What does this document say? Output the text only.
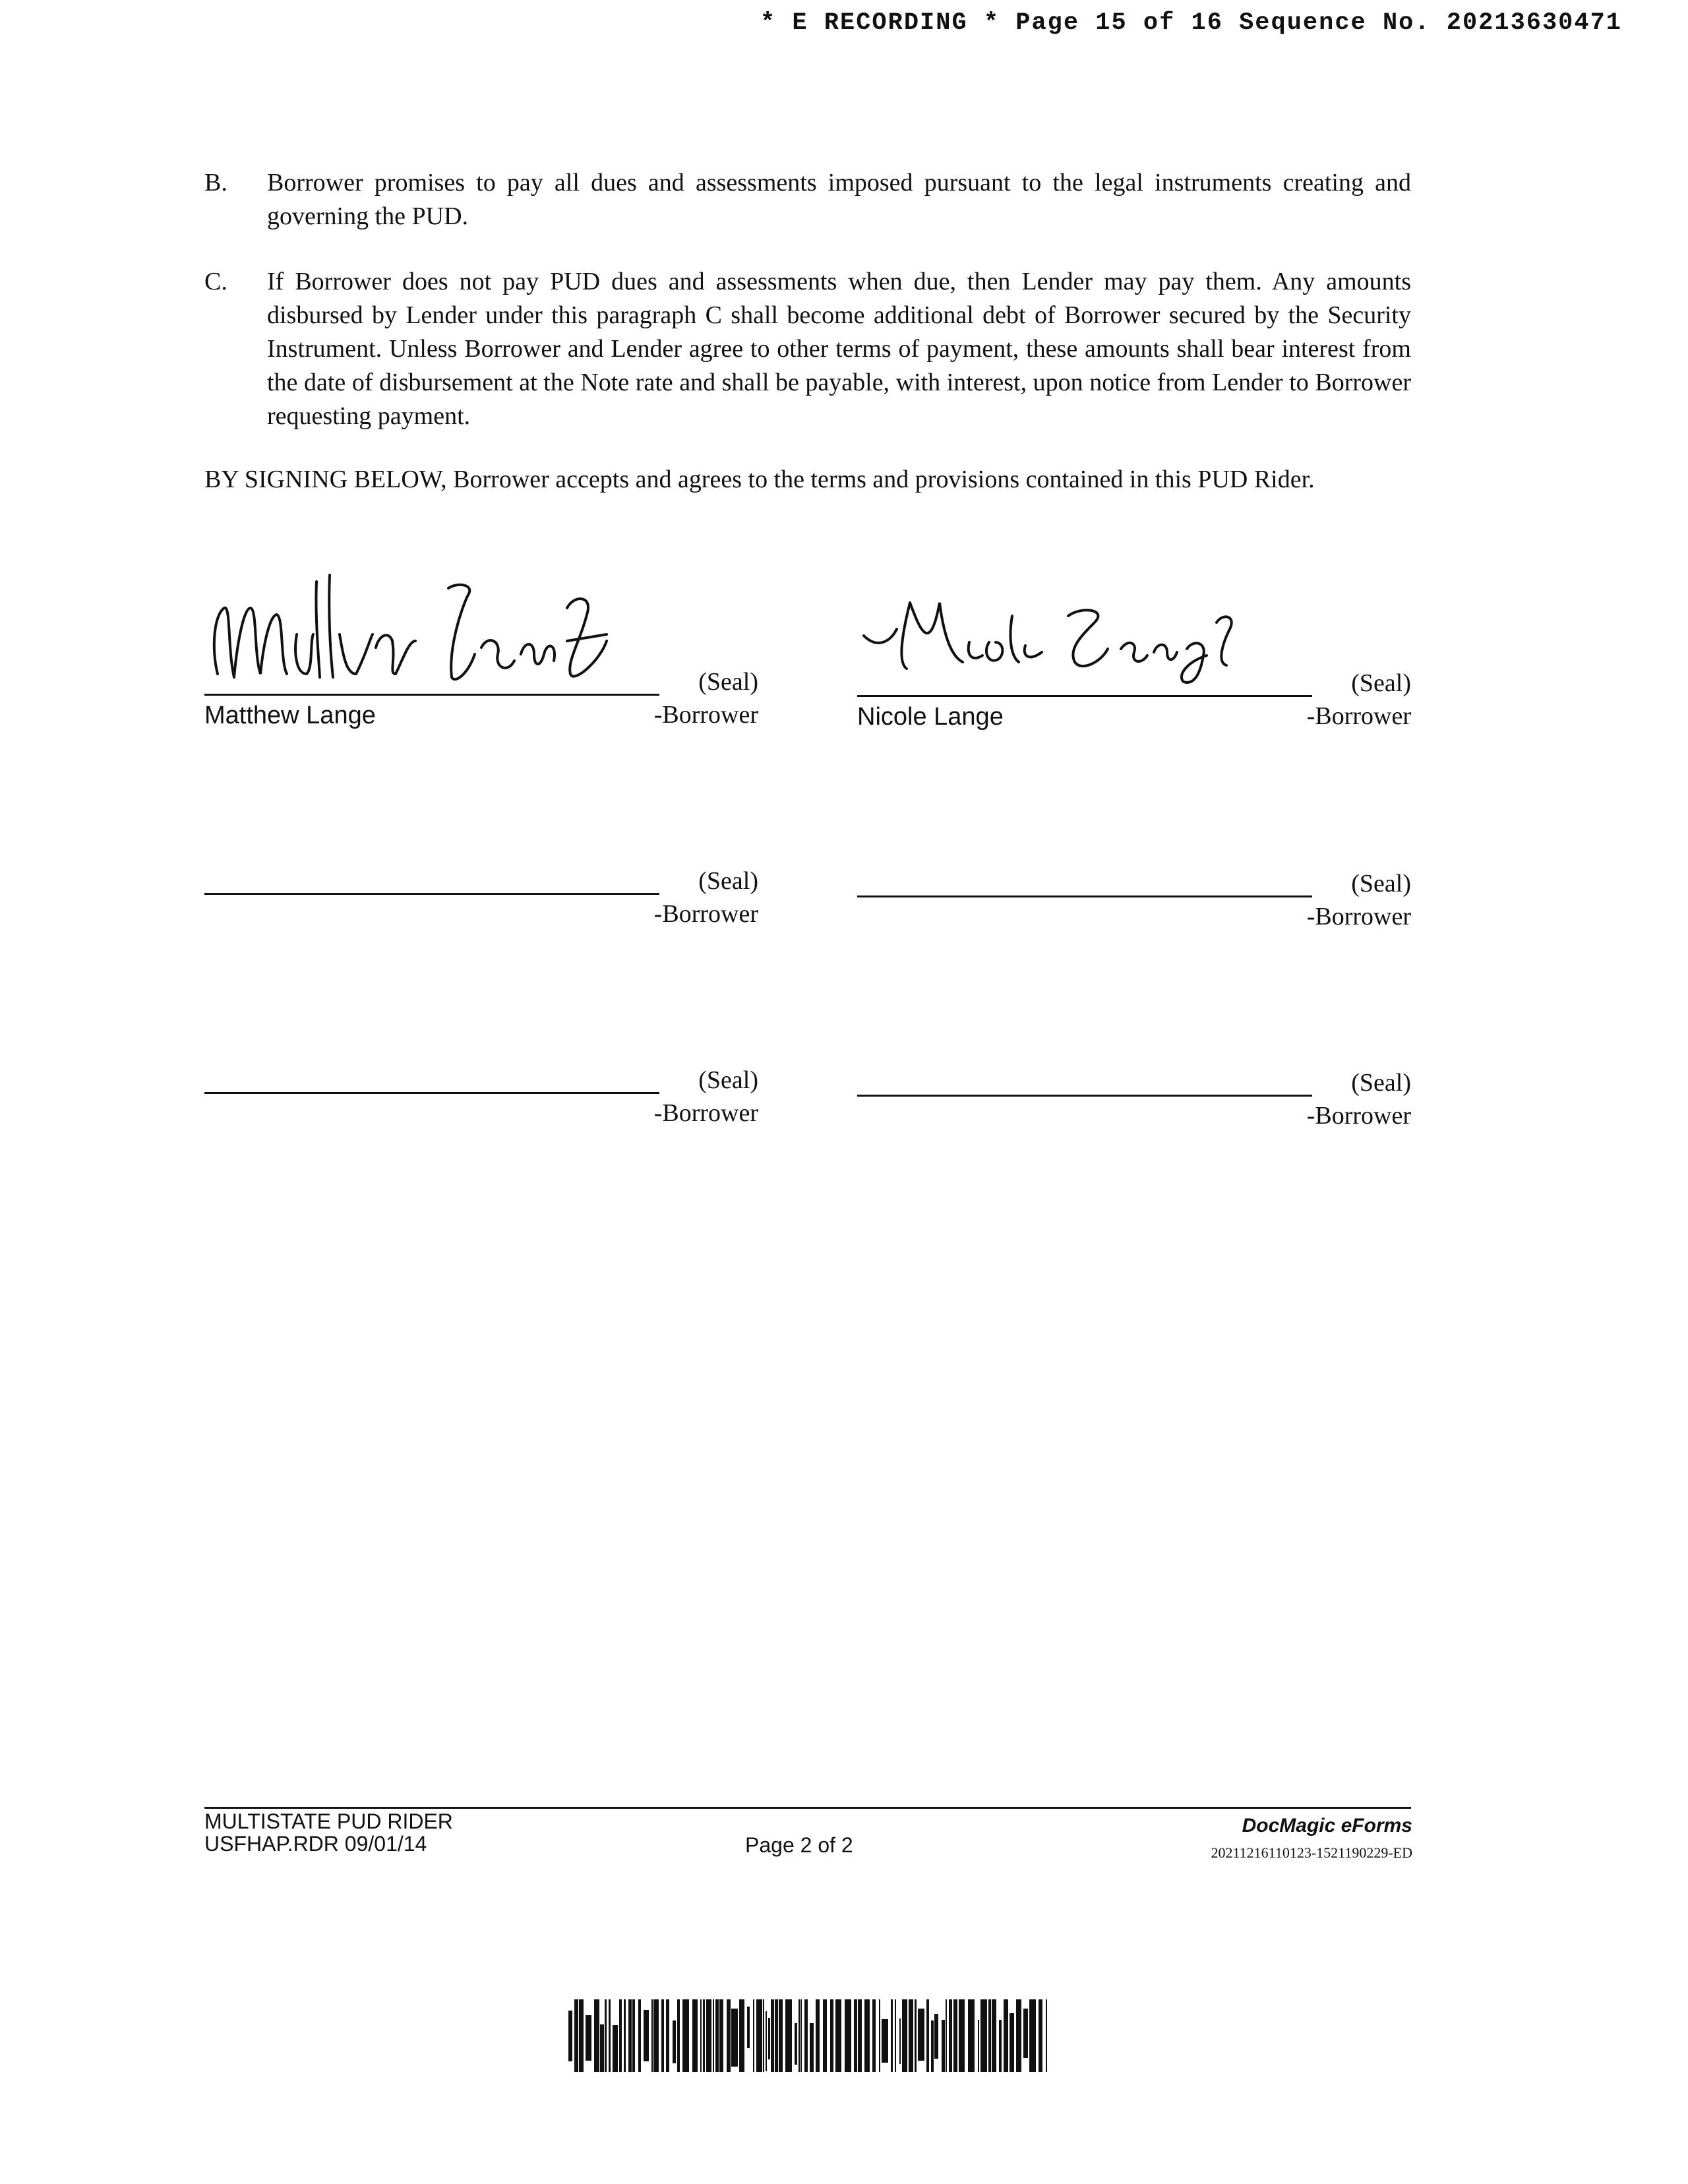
* E RECORDING * Page 15 of 16 Sequence No. 20213630471
B. Borrower promises to pay all dues and assessments imposed pursuant to the legal instruments creating and governing the PUD.
C. If Borrower does not pay PUD dues and assessments when due, then Lender may pay them. Any amounts disbursed by Lender under this paragraph C shall become additional debt of Borrower secured by the Security Instrument. Unless Borrower and Lender agree to other terms of payment, these amounts shall bear interest from the date of disbursement at the Note rate and shall be payable, with interest, upon notice from Lender to Borrower requesting payment.
BY SIGNING BELOW, Borrower accepts and agrees to the terms and provisions contained in this PUD Rider.
(Seal)
Matthew Lange	-Borrower
(Seal)
Nicole Lange	-Borrower
(Seal)
-Borrower
(Seal)
-Borrower
(Seal)
-Borrower
(Seal)
-Borrower
MULTISTATE PUD RIDER
USFHAP.RDR 09/01/14	Page 2 of 2
DocMagic eForms
20211216110123-1521190229-ED
